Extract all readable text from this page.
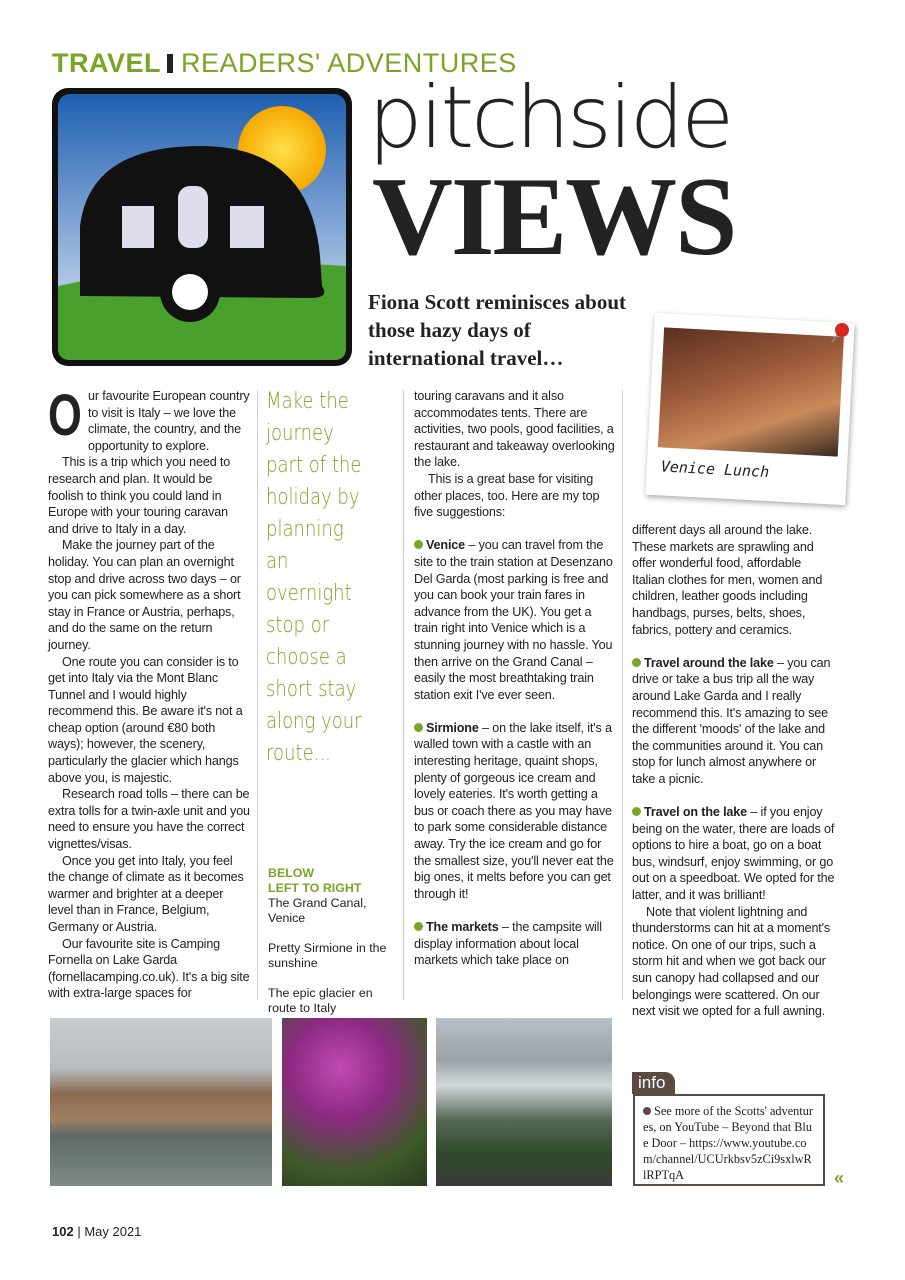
TRAVEL READERS' ADVENTURES
pitchside
VIEWS
Fiona Scott reminisces about those hazy days of international travel…
Venice Lunch

Our favourite European country to visit is Italy – we love the climate, the country, and the opportunity to explore.

This is a trip which you need to research and plan. It would be foolish to think you could land in Europe with your touring caravan and drive to Italy in a day.

Make the journey part of the holiday. You can plan an overnight stop and drive across two days – or you can pick somewhere as a short stay in France or Austria, perhaps, and do the same on the return journey.

One route you can consider is to get into Italy via the Mont Blanc Tunnel and I would highly recommend this. Be aware it's not a cheap option (around €80 both ways); however, the scenery, particularly the glacier which hangs above you, is majestic.

Research road tolls – there can be extra tolls for a twin-axle unit and you need to ensure you have the correct vignettes/visas.

Once you get into Italy, you feel the change of climate as it becomes warmer and brighter at a deeper level than in France, Belgium, Germany or Austria.

Our favourite site is Camping Fornella on Lake Garda (fornellacamping.co.uk). It's a big site with extra-large spaces for

Make the journey part of the holiday by planning an overnight stop or choose a short stay along your route...
BELOW
LEFT TO RIGHT
The Grand Canal, Venice

Pretty Sirmione in the sunshine

The epic glacier en route to Italy

touring caravans and it also accommodates tents. There are activities, two pools, good facilities, a restaurant and takeaway overlooking the lake.

This is a great base for visiting other places, too. Here are my top five suggestions:

Venice – you can travel from the site to the train station at Desenzano Del Garda (most parking is free and you can book your train fares in advance from the UK). You get a train right into Venice which is a stunning journey with no hassle. You then arrive on the Grand Canal – easily the most breathtaking train station exit I've ever seen.

Sirmione – on the lake itself, it's a walled town with a castle with an interesting heritage, quaint shops, plenty of gorgeous ice cream and lovely eateries. It's worth getting a bus or coach there as you may have to park some considerable distance away. Try the ice cream and go for the smallest size, you'll never eat the big ones, it melts before you can get through it!

The markets – the campsite will display information about local markets which take place on

different days all around the lake. These markets are sprawling and offer wonderful food, affordable Italian clothes for men, women and children, leather goods including handbags, purses, belts, shoes, fabrics, pottery and ceramics.

Travel around the lake – you can drive or take a bus trip all the way around Lake Garda and I really recommend this. It's amazing to see the different 'moods' of the lake and the communities around it. You can stop for lunch almost anywhere or take a picnic.

Travel on the lake – if you enjoy being on the water, there are loads of options to hire a boat, go on a boat bus, windsurf, enjoy swimming, or go out on a speedboat. We opted for the latter, and it was brilliant!

Note that violent lightning and thunderstorms can hit at a moment's notice. On one of our trips, such a storm hit and when we got back our sun canopy had collapsed and our belongings were scattered. On our next visit we opted for a full awning.

info
See more of the Scotts' adventures, on YouTube – Beyond that Blue Door – https://www.youtube.com/channel/UCUrkbsv5zCi9sxlwRlRPTqA	«
102 | May 2021
